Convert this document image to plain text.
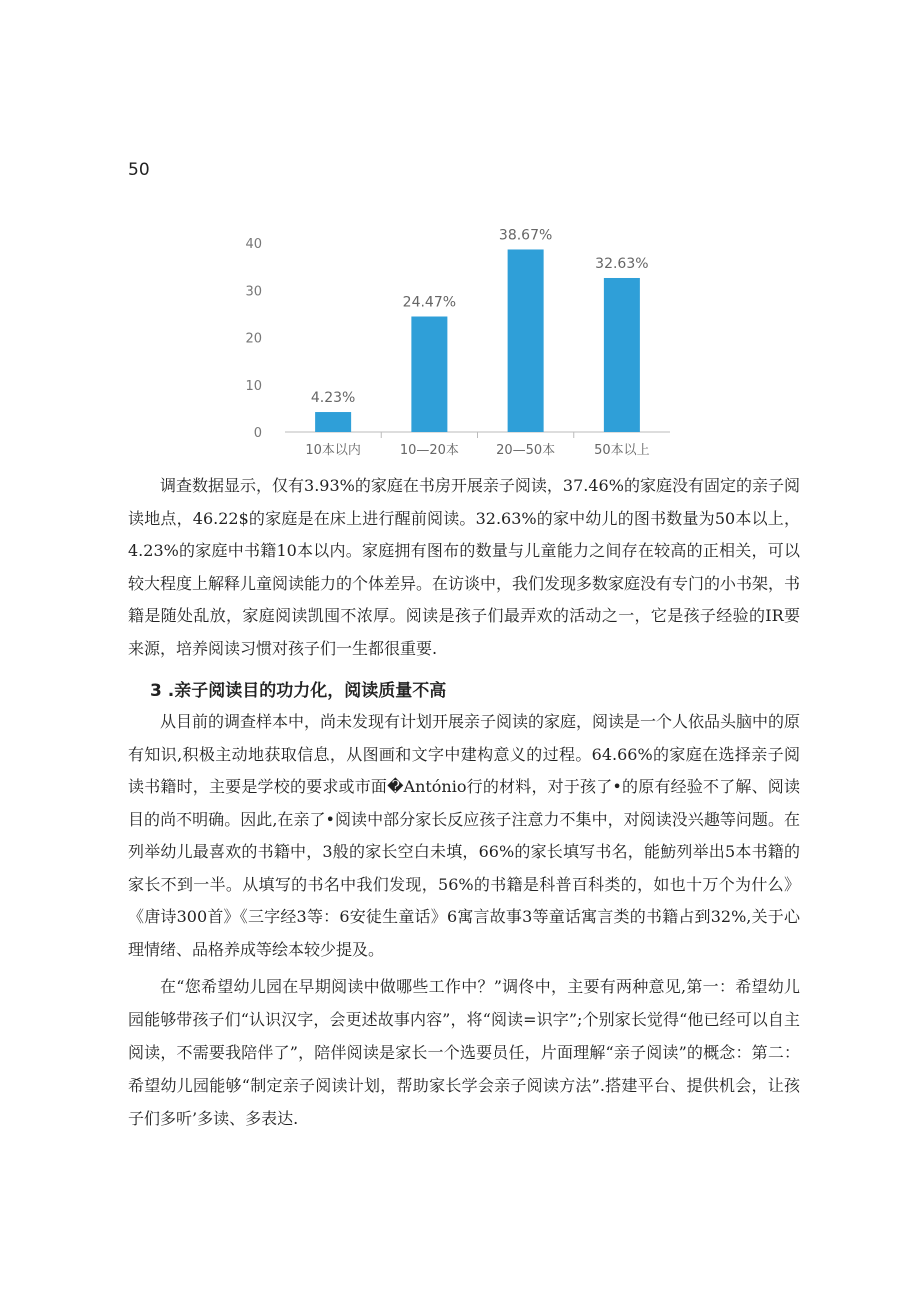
50
0
10
20
30
40
4.23%
24.47%
38.67%
32.63%
10本以内	10—20本	20—50本	50本以上

调查数据显示，仅有3.93%的家庭在书房开展亲子阅读，37.46%的家庭没有固定的亲子阅读地点，46.22$的家庭是在床上进行醒前阅读。32.63%的家中幼儿的图书数量为50本以上，4.23%的家庭中书籍10本以内。家庭拥有图布的数量与儿童能力之间存在较高的正相关，可以较大程度上解释儿童阅读能力的个体差异。在访谈中，我们发现多数家庭没有专门的小书架，书籍是随处乱放，家庭阅读凯囤不浓厚。阅读是孩子们最弄欢的活动之一，它是孩子经验的IR要来源，培养阅读习惯对孩子们一生都很重要.

3 .亲子阅读目的功力化，阅读质量不高

从目前的调查样本中，尚未发现有计划开展亲子阅读的家庭，阅读是一个人依品头脑中的原有知识,积极主动地获取信息，从图画和文字中建构意义的过程。64.66%的家庭在选择亲子阅读书籍时，主要是学校的要求或市面�António行的材料，对于孩了•的原有经验不了解、阅读目的尚不明确。因此,在亲了•阅读中部分家长反应孩子注意力不集中，对阅读没兴趣等问题。在列举幼儿最喜欢的书籍中，3般的家长空白未填，66%的家长填写书名，能魴列举出5本书籍的家长不到一半。从填写的书名中我们发现，56%的书籍是科普百科类的，如也十万个为什么》《唐诗300首》《三字经3等：6安徒生童话》6寓言故事3等童话寓言类的书籍占到32%,关于心理情绪、品格养成等绘本较少提及。

在“您希望幼儿园在早期阅读中做哪些工作中？”调佟中，主要有两种意见,第一：希望幼儿园能够带孩子们“认识汉字，会更述故事内容”，将“阅读=识字”;个别家长觉得“他已经可以自主阅读，不需要我陪伴了”，陪伴阅读是家长一个选要员任，片面理解“亲子阅读”的概念：第二：希望幼儿园能够“制定亲子阅读计划，帮助家长学会亲子阅读方法”.搭建平台、提供机会，让孩子们多听’多读、多表达.
